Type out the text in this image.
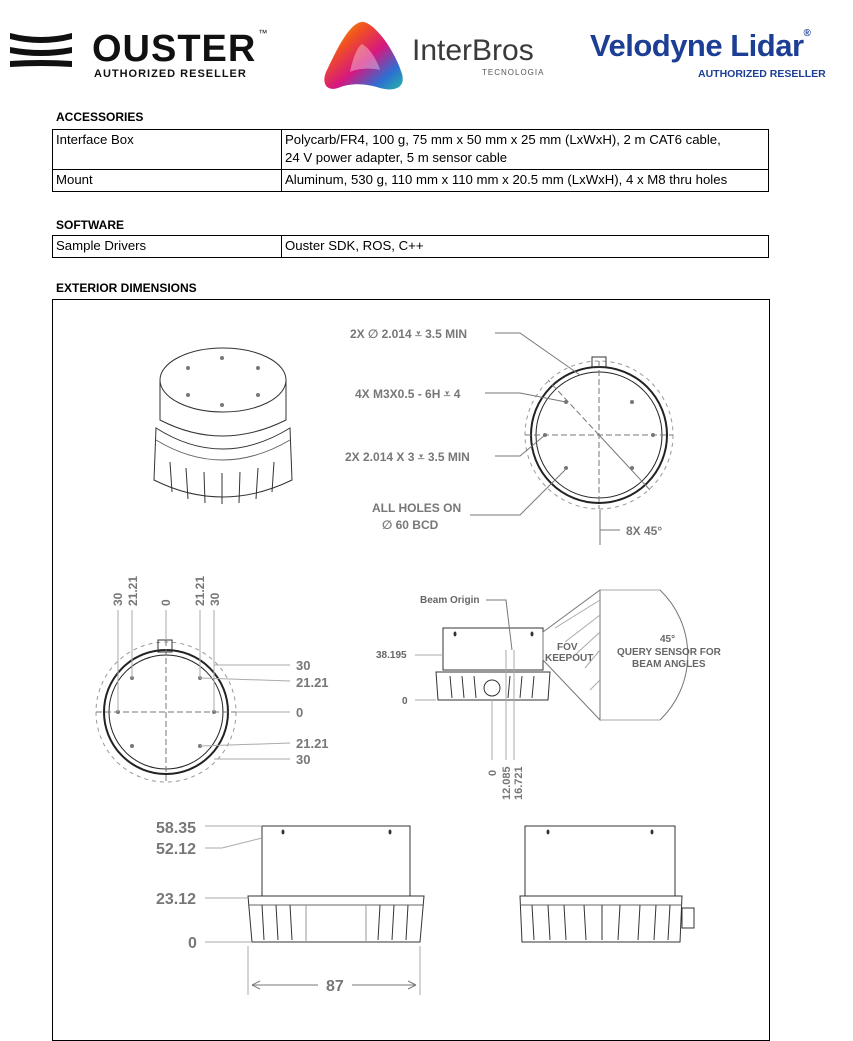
OUSTER ™
AUTHORIZED RESELLER
InterBros
TECNOLOGIA
Velodyne Lidar®
AUTHORIZED RESELLER
ACCESSORIES
Interface Box	Polycarb/FR4, 100 g, 75 mm x 50 mm x 25 mm (LxWxH), 2 m CAT6 cable,
24 V power adapter, 5 m sensor cable

Mount	Aluminum, 530 g, 110 mm x 110 mm x 20.5 mm (LxWxH), 4 x M8 thru holes
SOFTWARE
Sample Drivers	Ouster SDK, ROS, C++
EXTERIOR DIMENSIONS
2X ∅ 2.014 ⩡ 3.5 MIN
4X M3X0.5 - 6H ⩡ 4
2X 2.014 X 3 ⩡ 3.5 MIN
ALL HOLES ON
∅ 60 BCD	8X 45°
30 21.21 0 21.21 30
30
21.21
0
21.21
30
Beam Origin
38.195
0
FOV
KEEPOUT
45°
QUERY SENSOR FOR
BEAM ANGLES
0 12.085 16.721
58.35
52.12
23.12
0
87
